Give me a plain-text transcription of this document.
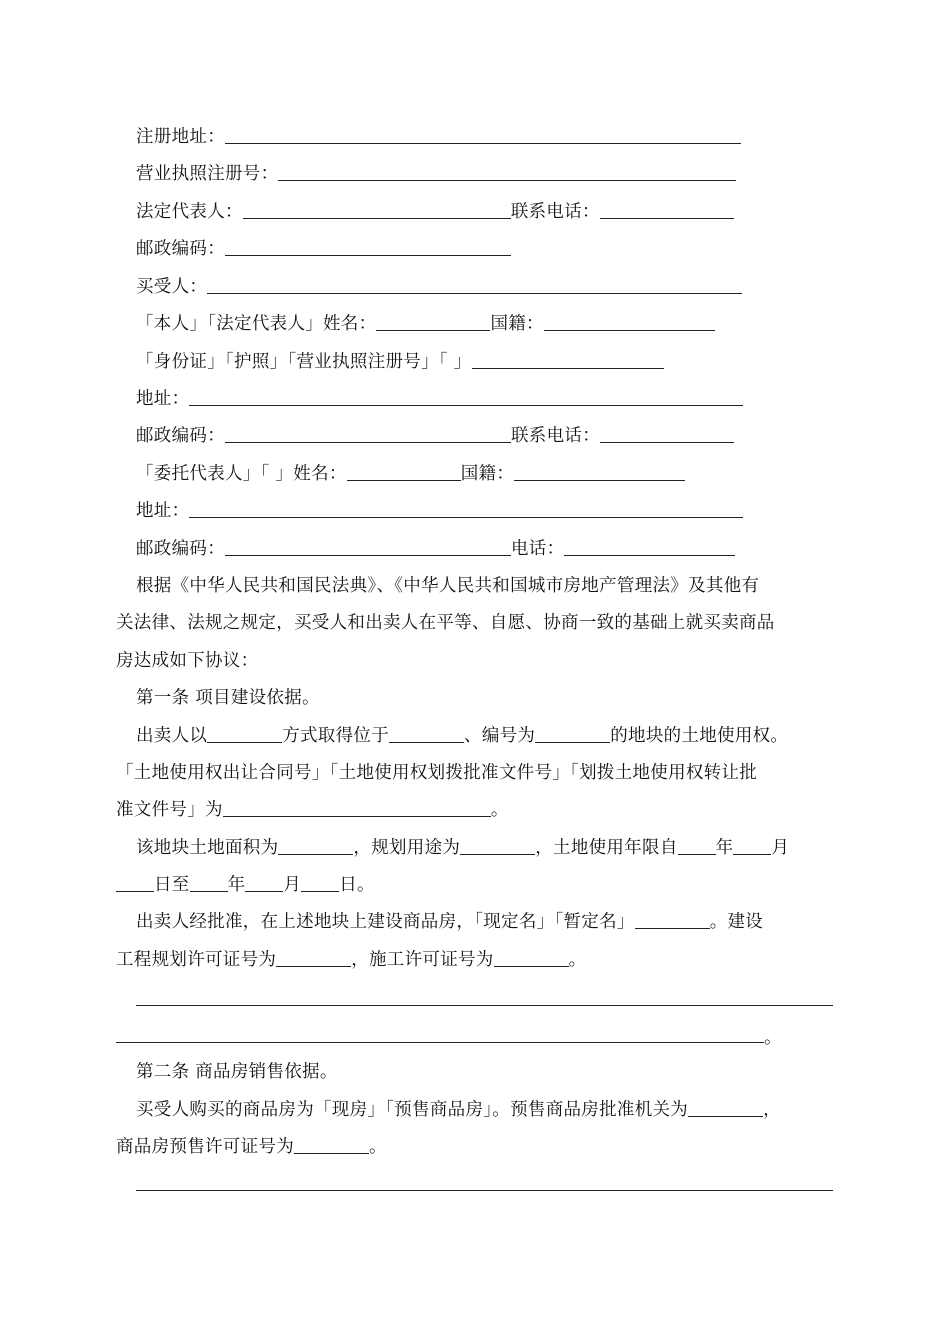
注册地址：
营业执照注册号：
法定代表人：	联系电话：
邮政编码：
买受人：
「本人」「法定代表人」姓名：	国籍：
「身份证」「护照」「营业执照注册号」「 」
地址：
邮政编码：	联系电话：
「委托代表人」「 」姓名：	国籍：
地址：
邮政编码：	电话：
根据《中华人民共和国民法典》、《中华人民共和国城市房地产管理法》及其他有
关法律、法规之规定，买受人和出卖人在平等、自愿、协商一致的基础上就买卖商品
房达成如下协议：
第一条 项目建设依据。
出卖人以	方式取得位于	、编号为	的地块的土地使用权。
「土地使用权出让合同号」「土地使用权划拨批准文件号」「划拨土地使用权转让批
准文件号」为	。
该地块土地面积为	，规划用途为	，土地使用年限自 年 月
日至 年 月 日。
出卖人经批准，在上述地块上建设商品房，「现定名」「暂定名」	。建设
工程规划许可证号为	，施工许可证号为	。
。
第二条 商品房销售依据。
买受人购买的商品房为「现房」「预售商品房」。预售商品房批准机关为	，
商品房预售许可证号为	。
